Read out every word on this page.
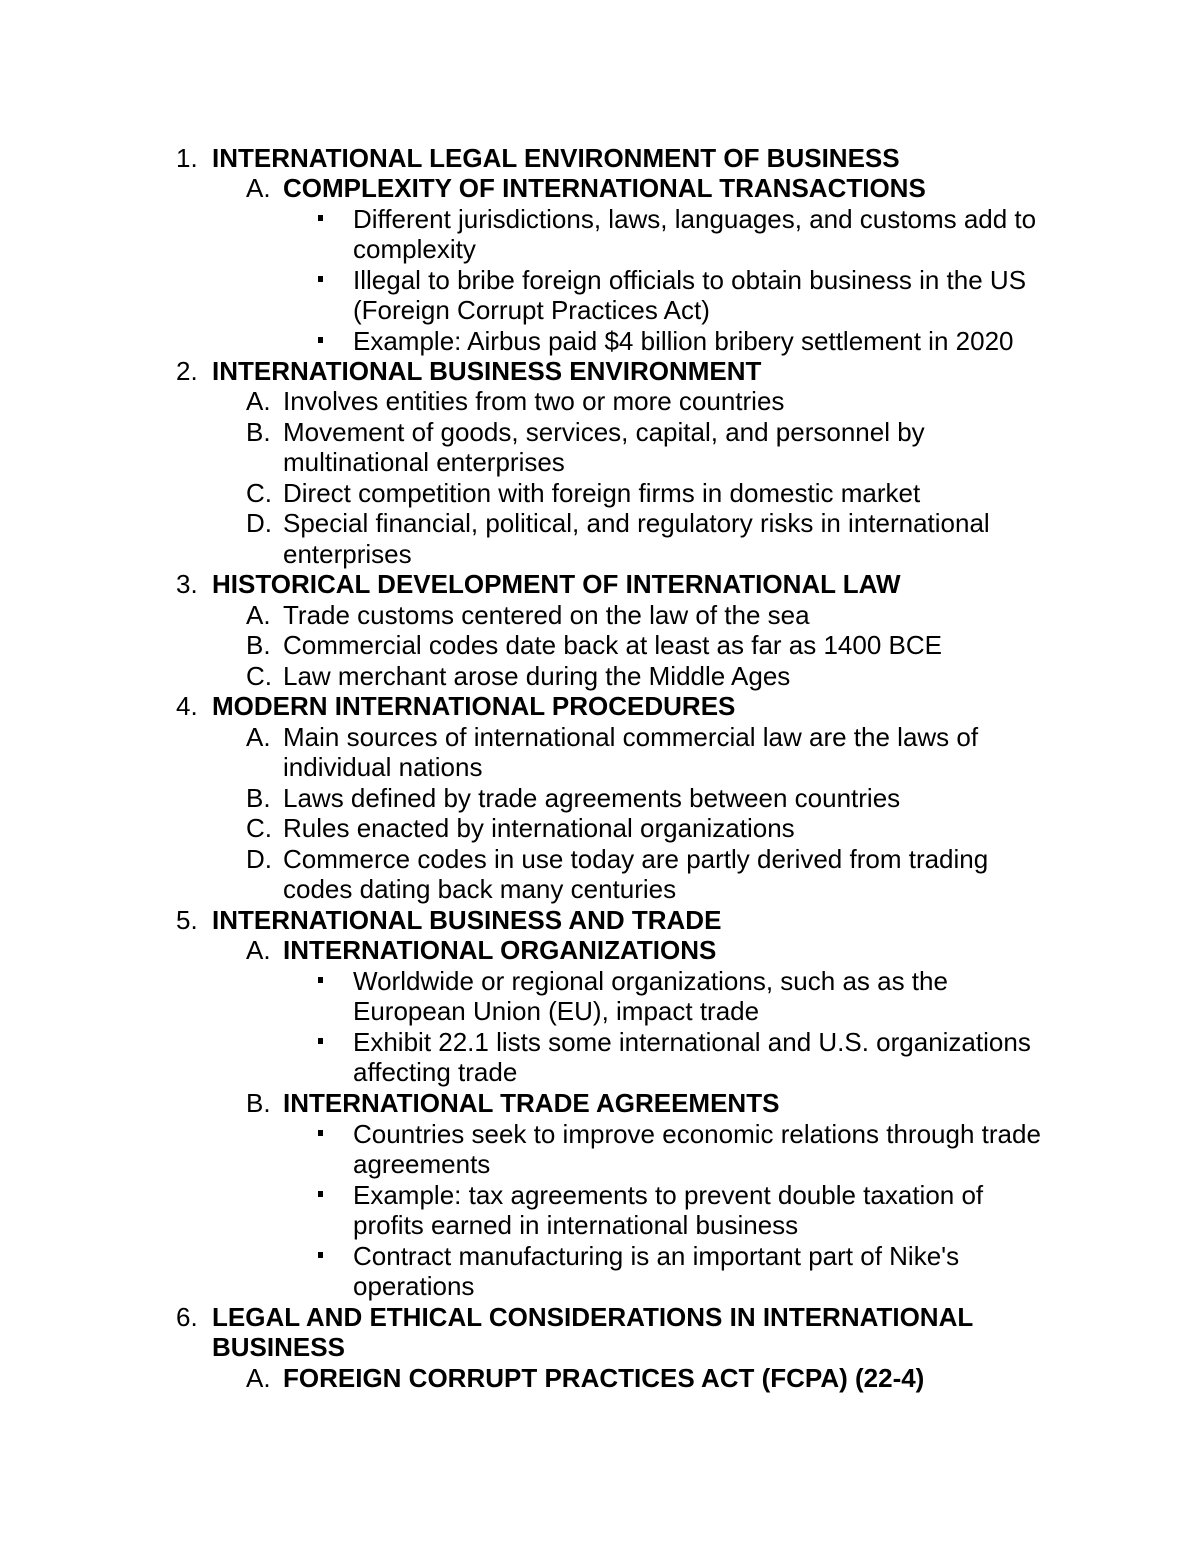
1. INTERNATIONAL LEGAL ENVIRONMENT OF BUSINESS
A. COMPLEXITY OF INTERNATIONAL TRANSACTIONS
Different jurisdictions, laws, languages, and customs add to
complexity
Illegal to bribe foreign officials to obtain business in the US
(Foreign Corrupt Practices Act)
Example: Airbus paid $4 billion bribery settlement in 2020
2. INTERNATIONAL BUSINESS ENVIRONMENT
A. Involves entities from two or more countries
B. Movement of goods, services, capital, and personnel by
multinational enterprises
C. Direct competition with foreign firms in domestic market
D. Special financial, political, and regulatory risks in international
enterprises
3. HISTORICAL DEVELOPMENT OF INTERNATIONAL LAW
A. Trade customs centered on the law of the sea
B. Commercial codes date back at least as far as 1400 BCE
C. Law merchant arose during the Middle Ages
4. MODERN INTERNATIONAL PROCEDURES
A. Main sources of international commercial law are the laws of
individual nations
B. Laws defined by trade agreements between countries
C. Rules enacted by international organizations
D. Commerce codes in use today are partly derived from trading
codes dating back many centuries
5. INTERNATIONAL BUSINESS AND TRADE
A. INTERNATIONAL ORGANIZATIONS
Worldwide or regional organizations, such as as the
European Union (EU), impact trade
Exhibit 22.1 lists some international and U.S. organizations
affecting trade
B. INTERNATIONAL TRADE AGREEMENTS
Countries seek to improve economic relations through trade
agreements
Example: tax agreements to prevent double taxation of
profits earned in international business
Contract manufacturing is an important part of Nike's
operations
6. LEGAL AND ETHICAL CONSIDERATIONS IN INTERNATIONAL
BUSINESS
A. FOREIGN CORRUPT PRACTICES ACT (FCPA) (22-4)
